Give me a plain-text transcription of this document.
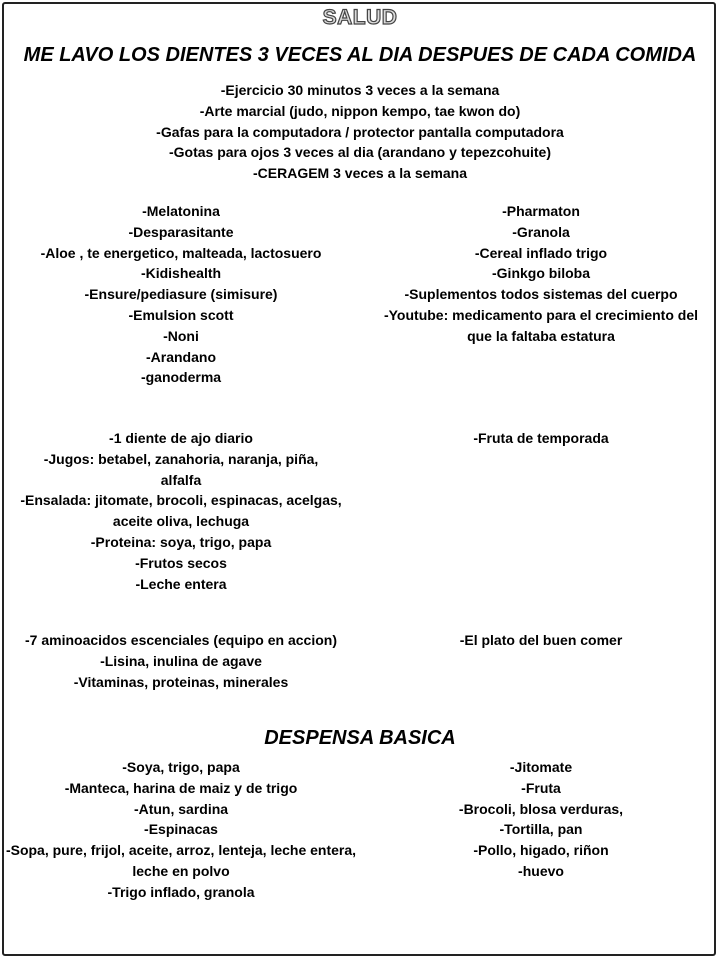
SALUD
ME LAVO LOS DIENTES 3 VECES AL DIA DESPUES DE CADA COMIDA
-Ejercicio 30 minutos 3 veces a la semana
-Arte marcial (judo, nippon kempo, tae kwon do)
-Gafas para la computadora / protector pantalla computadora
-Gotas para ojos 3 veces al dia (arandano y tepezcohuite)
-CERAGEM 3 veces a la semana
-Melatonina
-Desparasitante
-Aloe , te energetico, malteada, lactosuero
-Kidishealth
-Ensure/pediasure (simisure)
-Emulsion scott
-Noni
-Arandano
-ganoderma
-Pharmaton
-Granola
-Cereal inflado trigo
-Ginkgo biloba
-Suplementos todos sistemas del cuerpo
-Youtube: medicamento para el crecimiento del que la faltaba estatura
-1 diente de ajo diario
-Jugos: betabel, zanahoria, naranja, piña, alfalfa
-Ensalada: jitomate, brocoli, espinacas, acelgas, aceite oliva, lechuga
-Proteina: soya, trigo, papa
-Frutos secos
-Leche entera
-Fruta de temporada
-7 aminoacidos escenciales (equipo en accion)
-Lisina, inulina de agave
-Vitaminas, proteinas, minerales
-El plato del buen comer
DESPENSA BASICA
-Soya, trigo, papa
-Manteca, harina de maiz y de trigo
-Atun, sardina
-Espinacas
-Sopa, pure, frijol, aceite, arroz, lenteja, leche entera, leche en polvo
-Trigo inflado, granola
-Jitomate
-Fruta
-Brocoli, blosa verduras,
-Tortilla, pan
-Pollo, higado, riñon
-huevo
